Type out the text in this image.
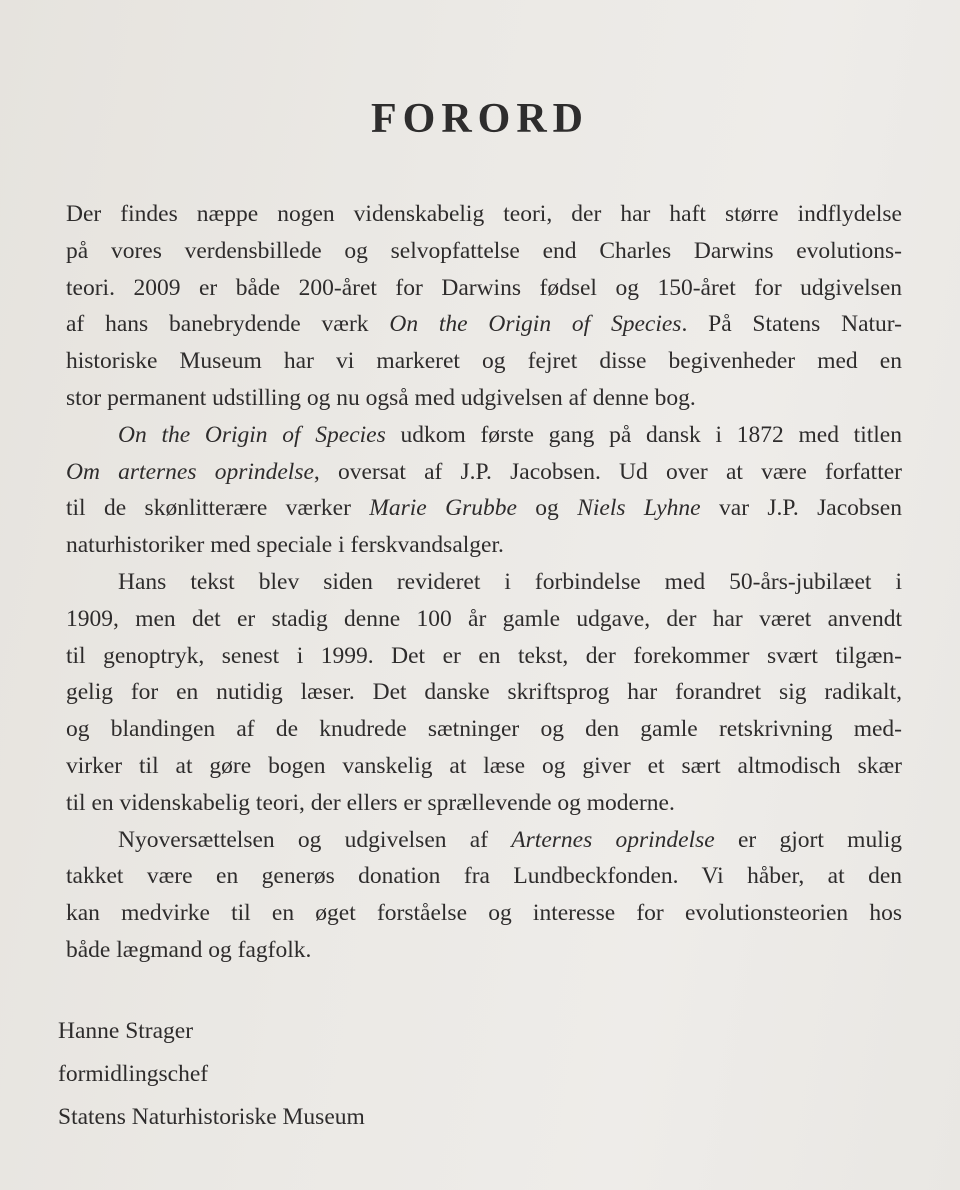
FORORD
Der findes næppe nogen videnskabelig teori, der har haft større indflydelse
på vores verdensbillede og selvopfattelse end Charles Darwins evolutions-
teori. 2009 er både 200-året for Darwins fødsel og 150-året for udgivelsen
af hans banebrydende værk On the Origin of Species. På Statens Natur-
historiske Museum har vi markeret og fejret disse begivenheder med en
stor permanent udstilling og nu også med udgivelsen af denne bog.
On the Origin of Species udkom første gang på dansk i 1872 med titlen
Om arternes oprindelse, oversat af J.P. Jacobsen. Ud over at være forfatter
til de skønlitterære værker Marie Grubbe og Niels Lyhne var J.P. Jacobsen
naturhistoriker med speciale i ferskvandsalger.
Hans tekst blev siden revideret i forbindelse med 50-års-jubilæet i
1909, men det er stadig denne 100 år gamle udgave, der har været anvendt
til genoptryk, senest i 1999. Det er en tekst, der forekommer svært tilgæn-
gelig for en nutidig læser. Det danske skriftsprog har forandret sig radikalt,
og blandingen af de knudrede sætninger og den gamle retskrivning med-
virker til at gøre bogen vanskelig at læse og giver et sært altmodisch skær
til en videnskabelig teori, der ellers er sprællevende og moderne.
Nyoversættelsen og udgivelsen af Arternes oprindelse er gjort mulig
takket være en generøs donation fra Lundbeckfonden. Vi håber, at den
kan medvirke til en øget forståelse og interesse for evolutionsteorien hos
både lægmand og fagfolk.
Hanne Strager
formidlingschef
Statens Naturhistoriske Museum
